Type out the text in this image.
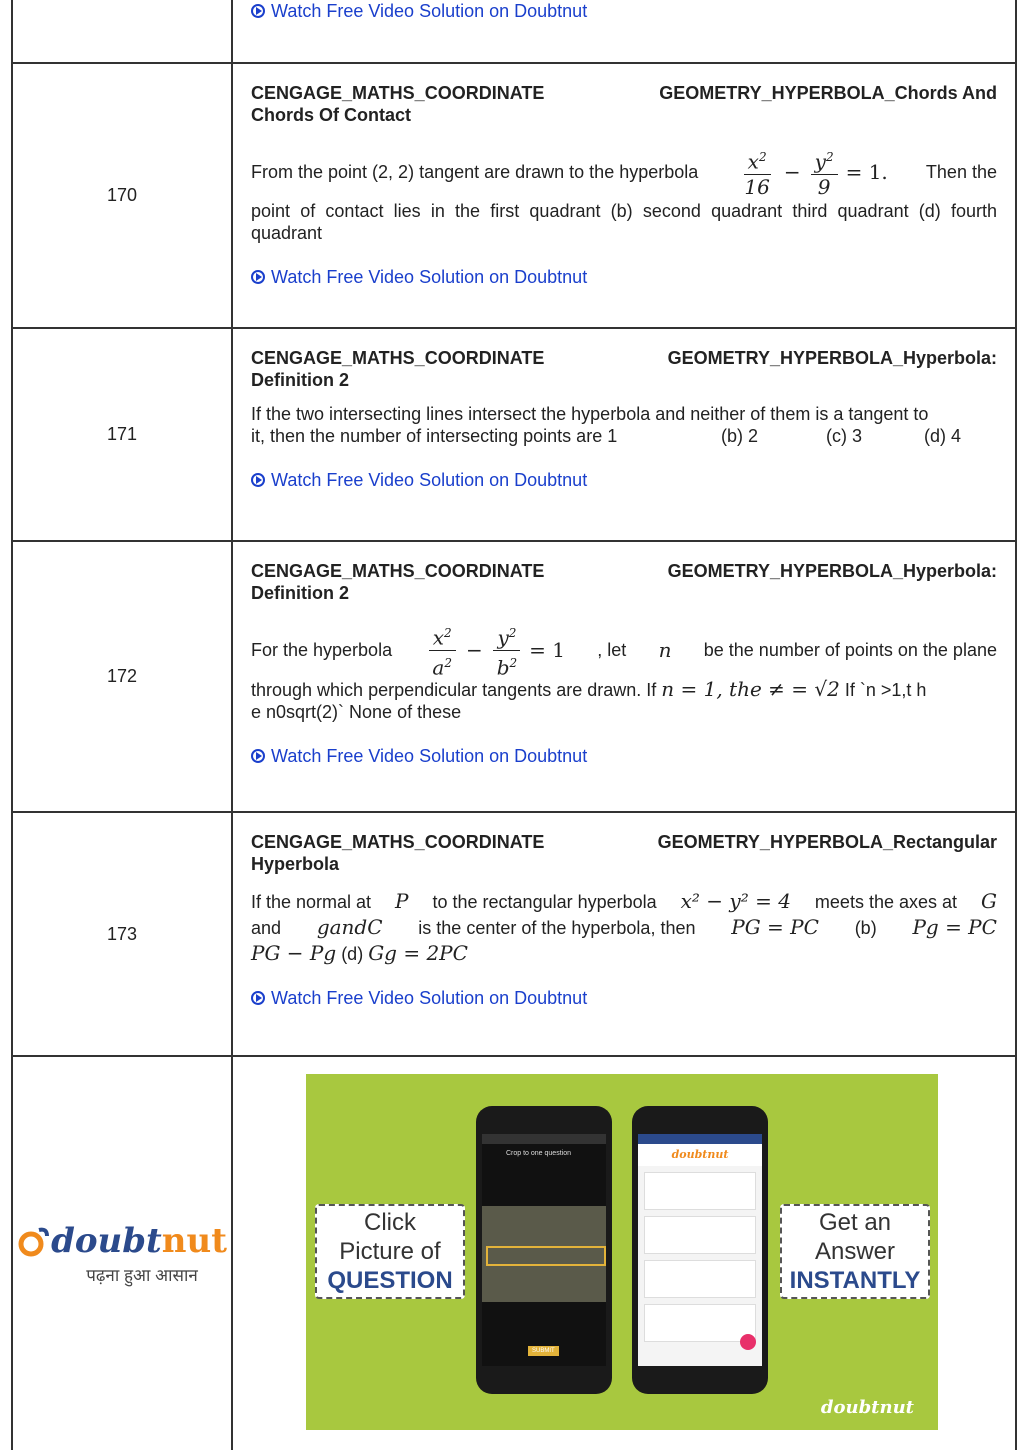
Watch Free Video Solution on Doubtnut
170
CENGAGE_MATHS_COORDINATE	GEOMETRY_HYPERBOLA_Chords And
Chords Of Contact
From the point (2, 2) tangent are drawn to the hyperbola $\frac{x^2}{16} - \frac{y^2}{9} = 1$. Then the
point of contact lies in the first quadrant (b) second quadrant third quadrant (d) fourth quadrant
Watch Free Video Solution on Doubtnut
171
CENGAGE_MATHS_COORDINATE	GEOMETRY_HYPERBOLA_Hyperbola:
Definition 2
If the two intersecting lines intersect the hyperbola and neither of them is a tangent to
it, then the number of intersecting points are 1	(b) 2	(c) 3	(d) 4
Watch Free Video Solution on Doubtnut
172
CENGAGE_MATHS_COORDINATE	GEOMETRY_HYPERBOLA_Hyperbola:
Definition 2
For the hyperbola $\frac{x^2}{a^2} - \frac{y^2}{b^2} = 1$ , let n be the number of points on the plane
through which perpendicular tangents are drawn. If n = 1, the ≠ = √2 If `n >1,t h
e n0sqrt(2)` None of these
Watch Free Video Solution on Doubtnut
173
CENGAGE_MATHS_COORDINATE	GEOMETRY_HYPERBOLA_Rectangular
Hyperbola
If the normal at P to the rectangular hyperbola x² − y² = 4 meets the axes at G
and gandC is the center of the hyperbola, then PG = PC (b) Pg = PC
PG − Pg (d) Gg = 2PC
Watch Free Video Solution on Doubtnut
doubt nut
पढ़ना हुआ आसान
Click
Picture of
QUESTION
Get an
Answer
INSTANTLY
Crop to one question
SUBMIT
doubtnut
doubtnut
